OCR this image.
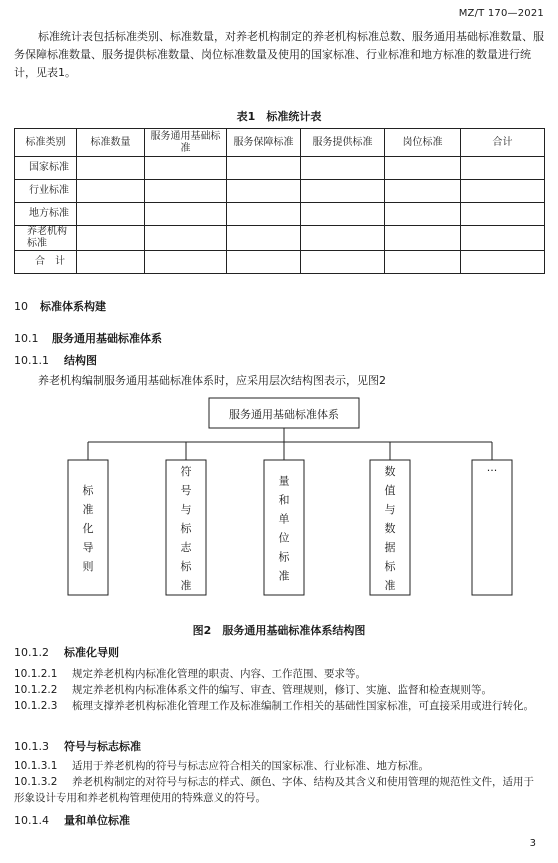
MZ/T 170—2021
标准统计表包括标准类别、标准数量，对养老机构制定的养老机构标准总数、服务通用基础标准数量、服务保障标准数量、服务提供标准数量、岗位标准数量及使用的国家标准、行业标准和地方标准的数量进行统计，见表1。
表1　标准统计表
标准类别	标准数量	服务通用基础标准	服务保障标准	服务提供标准	岗位标准	合计
国家标准						
行业标准						
地方标准						
养老机构标准						
合　计						
10 标准体系构建
10.1 服务通用基础标准体系
10.1.1 结构图
养老机构编制服务通用基础标准体系时，应采用层次结构图表示，见图2
服务通用基础标准体系
标准化导则
符号与标志标准
量和单位标准
数值与数据标准
···
图2　服务通用基础标准体系结构图
10.1.2 标准化导则
10.1.2.1 规定养老机构内标准化管理的职责、内容、工作范围、要求等。
10.1.2.2 规定养老机构内标准体系文件的编写、审查、管理规则，修订、实施、监督和检查规则等。
10.1.2.3 梳理支撑养老机构标准化管理工作及标准编制工作相关的基础性国家标准，可直接采用或进行转化。
10.1.3 符号与标志标准
10.1.3.1 适用于养老机构的符号与标志应符合相关的国家标准、行业标准、地方标准。
10.1.3.2 养老机构制定的对符号与标志的样式、颜色、字体、结构及其含义和使用管理的规范性文件，适用于形象设计专用和养老机构管理使用的特殊意义的符号。
10.1.4 量和单位标准
3
